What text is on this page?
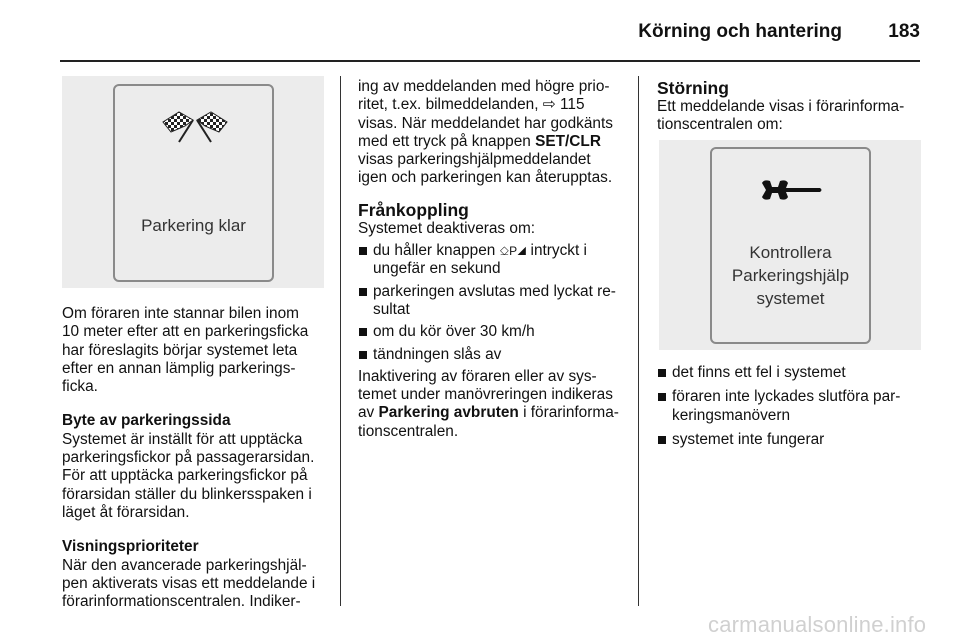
Körning och hantering 183
Parkering klar

Om föraren inte stannar bilen inom
10 meter efter att en parkeringsficka
har föreslagits börjar systemet leta
efter en annan lämplig parkerings-
ficka.

Byte av parkeringssida

Systemet är inställt för att upptäcka
parkeringsfickor på passagerarsidan.
För att upptäcka parkeringsfickor på
förarsidan ställer du blinkersspaken i
läget åt förarsidan.

Visningsprioriteter

När den avancerade parkeringshjäl-
pen aktiverats visas ett meddelande i
förarinformationscentralen. Indiker-

ing av meddelanden med högre prio-
ritet, t.ex. bilmeddelanden, ⇨ 115
visas. När meddelandet har godkänts
med ett tryck på knappen SET/CLR
visas parkeringshjälpmeddelandet
igen och parkeringen kan återupptas.

Frånkoppling

Systemet deaktiveras om:

du håller knappen ⎐P◢ intryckt i
ungefär en sekund
parkeringen avslutas med lyckat re-
sultat
om du kör över 30 km/h
tändningen slås av

Inaktivering av föraren eller av sys-
temet under manövreringen indikeras
av Parkering avbruten i förarinforma-
tionscentralen.

Störning

Ett meddelande visas i förarinforma-
tionscentralen om:

Kontrollera
Parkeringshjälp
systemet
det finns ett fel i systemet
föraren inte lyckades slutföra par-
keringsmanövern
systemet inte fungerar
carmanualsonline.info
